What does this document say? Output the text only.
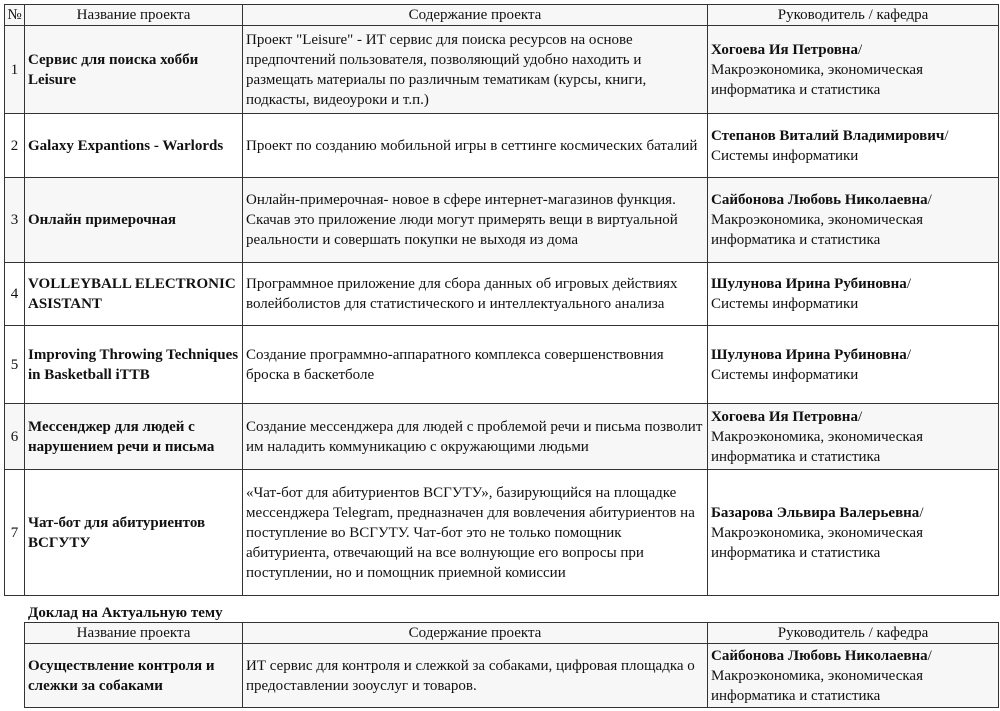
№	Название проекта	Содержание проекта	Руководитель / кафедра
1	Сервис для поиска хобби Leisure	Проект "Leisure" - ИТ сервис для поиска ресурсов на основе предпочтений пользователя, позволяющий удобно находить и размещать материалы по различным тематикам (курсы, книги, подкасты, видеоуроки и т.п.)	Хогоева Ия Петровна/
Макроэкономика, экономическая информатика и статистика
2	Galaxy Expantions - Warlords	Проект по созданию мобильной игры в сеттинге космических баталий	Степанов Виталий Владимирович/
Системы информатики
3	Онлайн примерочная	Онлайн-примерочная- новое в сфере интернет-магазинов функция. Скачав это приложение люди могут примерять вещи в виртуальной реальности и совершать покупки не выходя из дома	Сайбонова Любовь Николаевна/
Макроэкономика, экономическая информатика и статистика
4	VOLLEYBALL ELECTRONIC ASISTANT	Программное приложение для сбора данных об игровых действиях волейболистов для статистического и интеллектуального анализа	Шулунова Ирина Рубиновна/
Системы информатики
5	Improving Throwing Techniques in Basketball iTTB	Создание программно-аппаратного комплекса совершенствовния броска в баскетболе	Шулунова Ирина Рубиновна/
Системы информатики
6	Мессенджер для людей с нарушением речи и письма	Создание мессенджера для людей с проблемой речи и письма позволит им наладить коммуникацию с окружающими людьми	Хогоева Ия Петровна/
Макроэкономика, экономическая информатика и статистика
7	Чат-бот для абитуриентов ВСГУТУ	«Чат-бот для абитуриентов ВСГУТУ», базирующийся на площадке мессенджера Telegram, предназначен для вовлечения абитуриентов на поступление во ВСГУТУ. Чат-бот это не только помощник абитуриента, отвечающий на все волнующие его вопросы при поступлении, но и помощник приемной комиссии	Базарова Эльвира Валерьевна/
Макроэкономика, экономическая информатика и статистика
Доклад на Актуальную тему
Название проекта	Содержание проекта	Руководитель / кафедра
Осуществление контроля и слежки за собаками	ИТ сервис для контроля и слежкой за собаками, цифровая площадка о предоставлении зооуслуг и товаров.	Сайбонова Любовь Николаевна/
Макроэкономика, экономическая информатика и статистика
